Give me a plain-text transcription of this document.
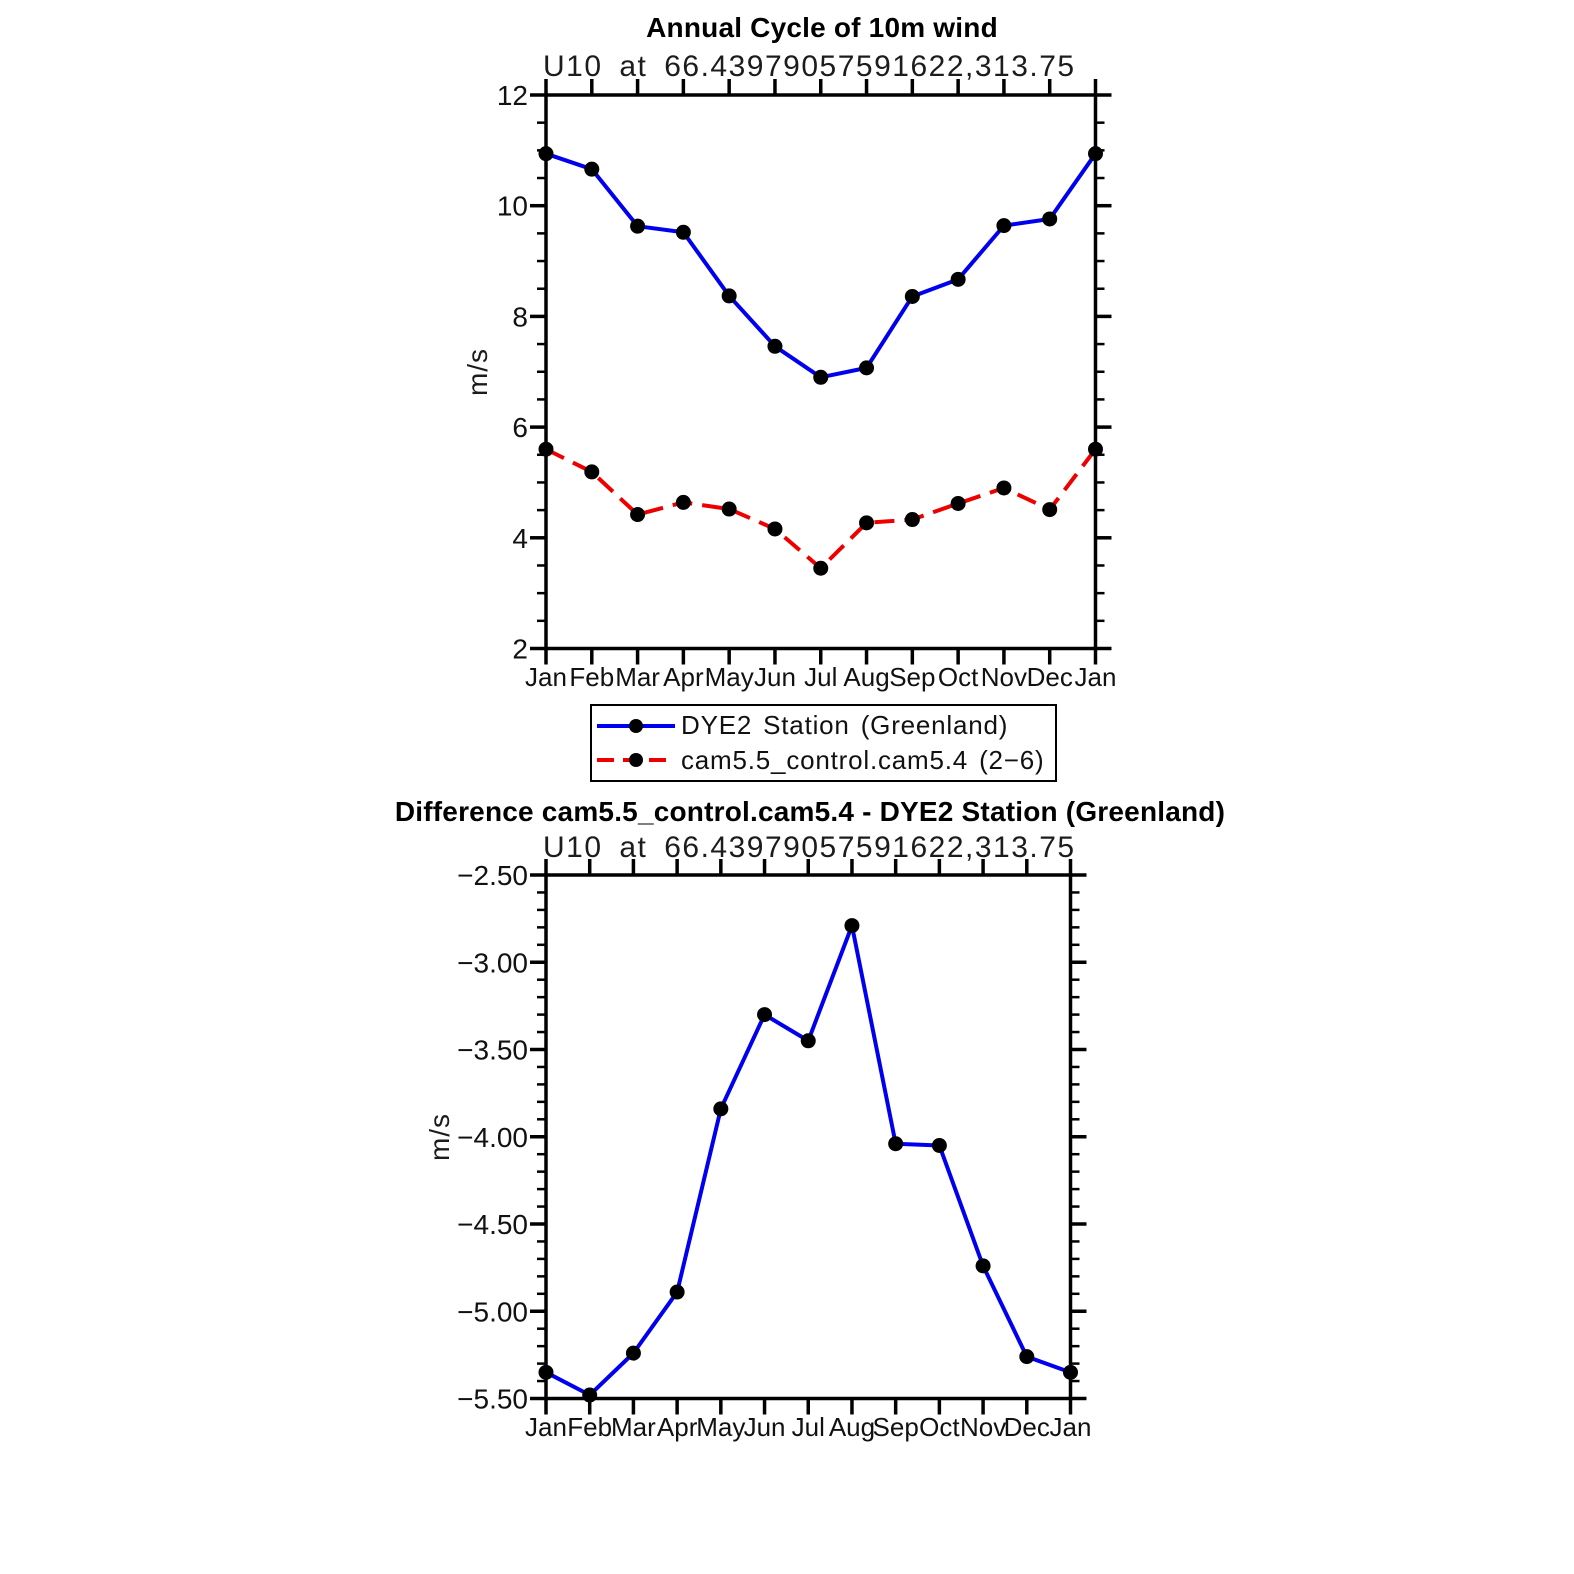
2
4
6
8
10
12
Jan Feb Mar Apr May Jun Jul Aug Sep Oct Nov Dec Jan
−2.50
−3.00
−3.50
−4.00
−4.50
−5.00
−5.50
Jan Feb
Mar Apr
May
Jun Jul Aug
Sep Oct Nov
Dec Jan
Annual Cycle of 10m wind
U10 at 66.43979057591622,313.75
m/s
DYE2 Station (Greenland)
cam5.5_control.cam5.4 (2−6)
Difference cam5.5_control.cam5.4 - DYE2 Station (Greenland)
U10 at 66.43979057591622,313.75
m/s
